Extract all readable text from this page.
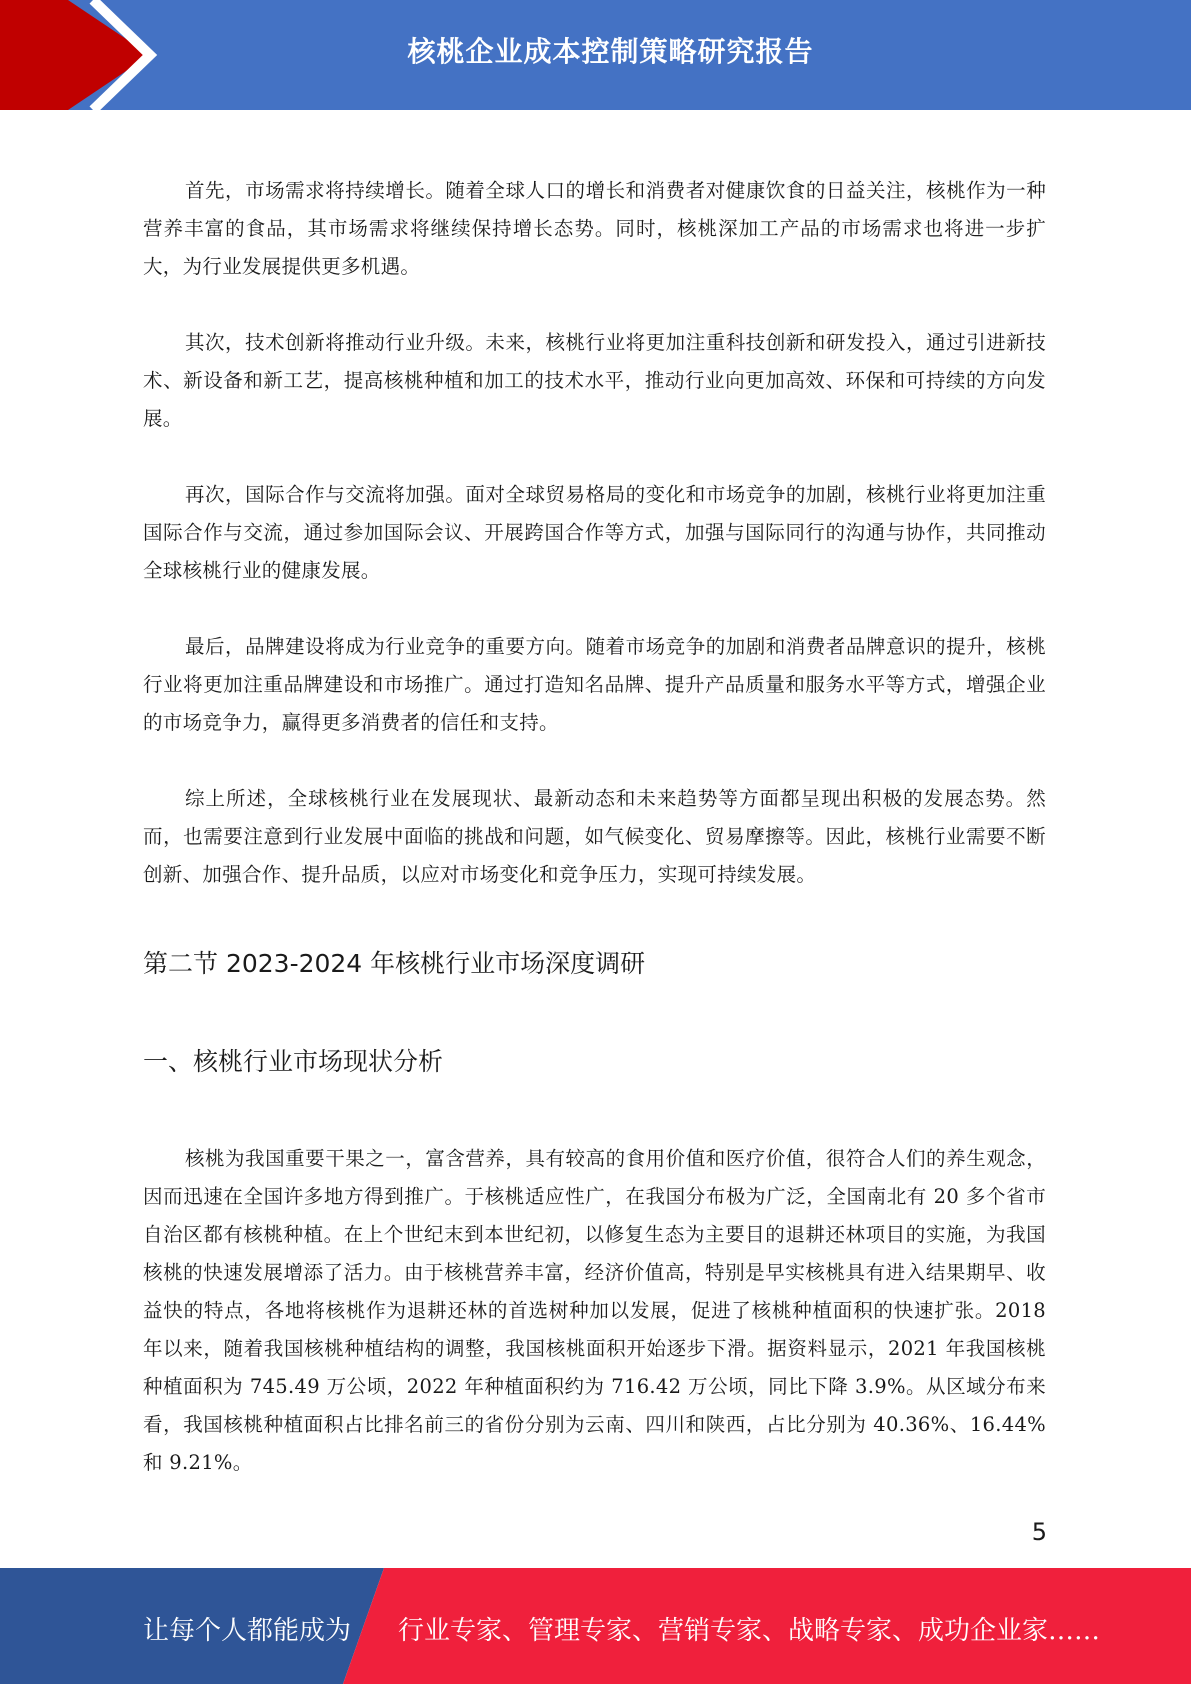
核桃企业成本控制策略研究报告

首先，市场需求将持续增长。随着全球人口的增长和消费者对健康饮食的日益关注，核桃作为一种营养丰富的食品，其市场需求将继续保持增长态势。同时，核桃深加工产品的市场需求也将进一步扩大，为行业发展提供更多机遇。

其次，技术创新将推动行业升级。未来，核桃行业将更加注重科技创新和研发投入，通过引进新技术、新设备和新工艺，提高核桃种植和加工的技术水平，推动行业向更加高效、环保和可持续的方向发展。

再次，国际合作与交流将加强。面对全球贸易格局的变化和市场竞争的加剧，核桃行业将更加注重国际合作与交流，通过参加国际会议、开展跨国合作等方式，加强与国际同行的沟通与协作，共同推动全球核桃行业的健康发展。

最后，品牌建设将成为行业竞争的重要方向。随着市场竞争的加剧和消费者品牌意识的提升，核桃行业将更加注重品牌建设和市场推广。通过打造知名品牌、提升产品质量和服务水平等方式，增强企业的市场竞争力，赢得更多消费者的信任和支持。

综上所述，全球核桃行业在发展现状、最新动态和未来趋势等方面都呈现出积极的发展态势。然而，也需要注意到行业发展中面临的挑战和问题，如气候变化、贸易摩擦等。因此，核桃行业需要不断创新、加强合作、提升品质，以应对市场变化和竞争压力，实现可持续发展。

第二节 2023-2024 年核桃行业市场深度调研
一、核桃行业市场现状分析

核桃为我国重要干果之一，富含营养，具有较高的食用价值和医疗价值，很符合人们的养生观念，因而迅速在全国许多地方得到推广。于核桃适应性广，在我国分布极为广泛，全国南北有 20 多个省市自治区都有核桃种植。在上个世纪末到本世纪初，以修复生态为主要目的退耕还林项目的实施，为我国核桃的快速发展增添了活力。由于核桃营养丰富，经济价值高，特别是早实核桃具有进入结果期早、收益快的特点，各地将核桃作为退耕还林的首选树种加以发展，促进了核桃种植面积的快速扩张。2018 年以来，随着我国核桃种植结构的调整，我国核桃面积开始逐步下滑。据资料显示，2021 年我国核桃种植面积为 745.49 万公顷，2022 年种植面积约为 716.42 万公顷，同比下降 3.9%。从区域分布来看，我国核桃种植面积占比排名前三的省份分别为云南、四川和陕西，占比分别为 40.36%、16.44%和 9.21%。

5
让每个人都能成为 行业专家、管理专家、营销专家、战略专家、成功企业家……
